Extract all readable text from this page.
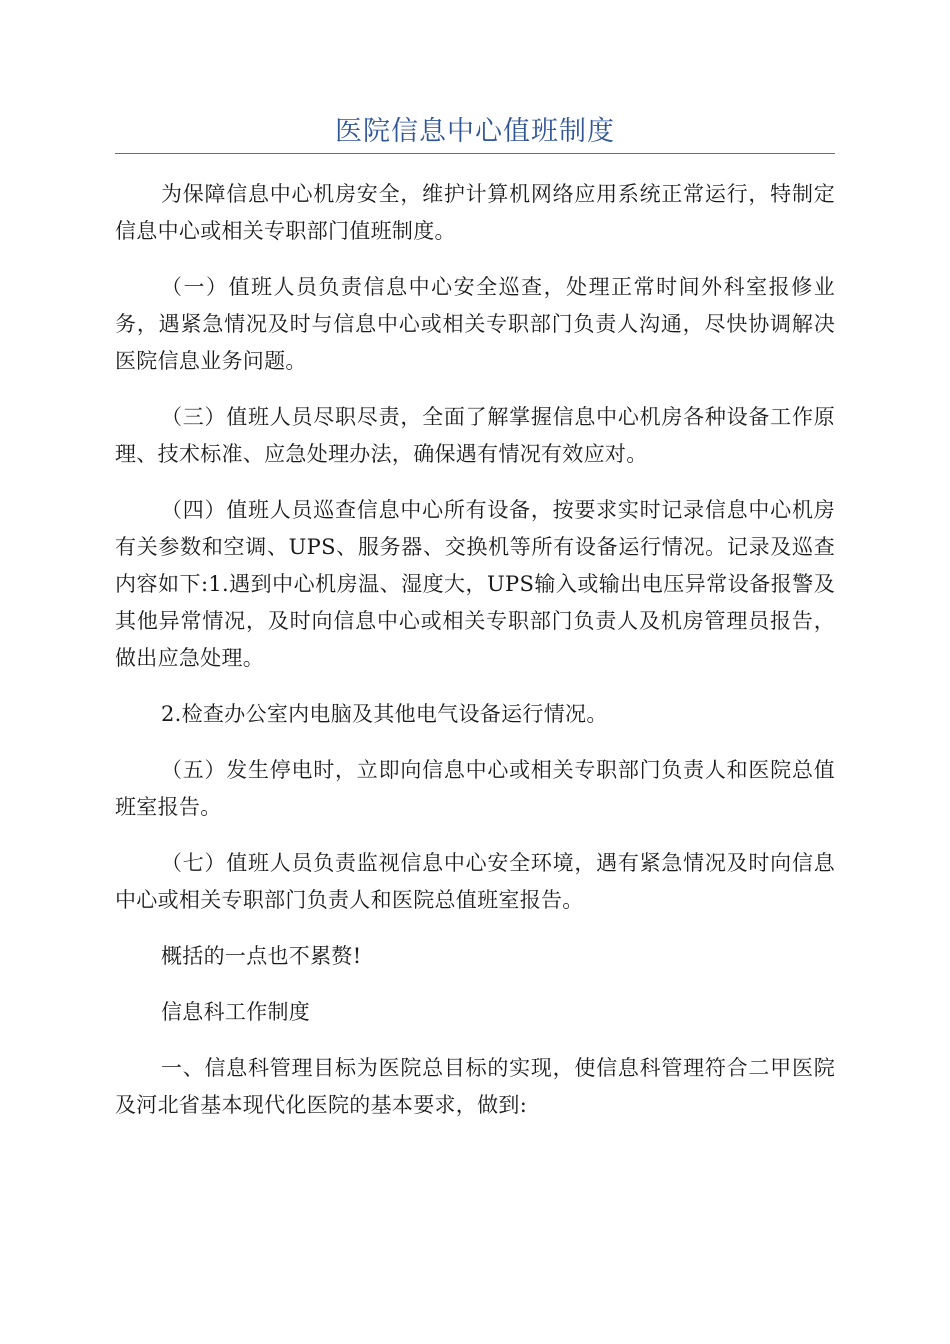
医院信息中心值班制度

为保障信息中心机房安全，维护计算机网络应用系统正常运行，特制定信息中心或相关专职部门值班制度。

（一）值班人员负责信息中心安全巡查，处理正常时间外科室报修业务，遇紧急情况及时与信息中心或相关专职部门负责人沟通，尽快协调解决医院信息业务问题。

（三）值班人员尽职尽责，全面了解掌握信息中心机房各种设备工作原理、技术标准、应急处理办法，确保遇有情况有效应对。

（四）值班人员巡查信息中心所有设备，按要求实时记录信息中心机房有关参数和空调、UPS、服务器、交换机等所有设备运行情况。记录及巡查内容如下:1.遇到中心机房温、湿度大，UPS输入或输出电压异常设备报警及其他异常情况，及时向信息中心或相关专职部门负责人及机房管理员报告，做出应急处理。

2.检查办公室内电脑及其他电气设备运行情况。

（五）发生停电时，立即向信息中心或相关专职部门负责人和医院总值班室报告。

（七）值班人员负责监视信息中心安全环境，遇有紧急情况及时向信息中心或相关专职部门负责人和医院总值班室报告。

概括的一点也不累赘!

信息科工作制度

一、信息科管理目标为医院总目标的实现，使信息科管理符合二甲医院及河北省基本现代化医院的基本要求，做到:
